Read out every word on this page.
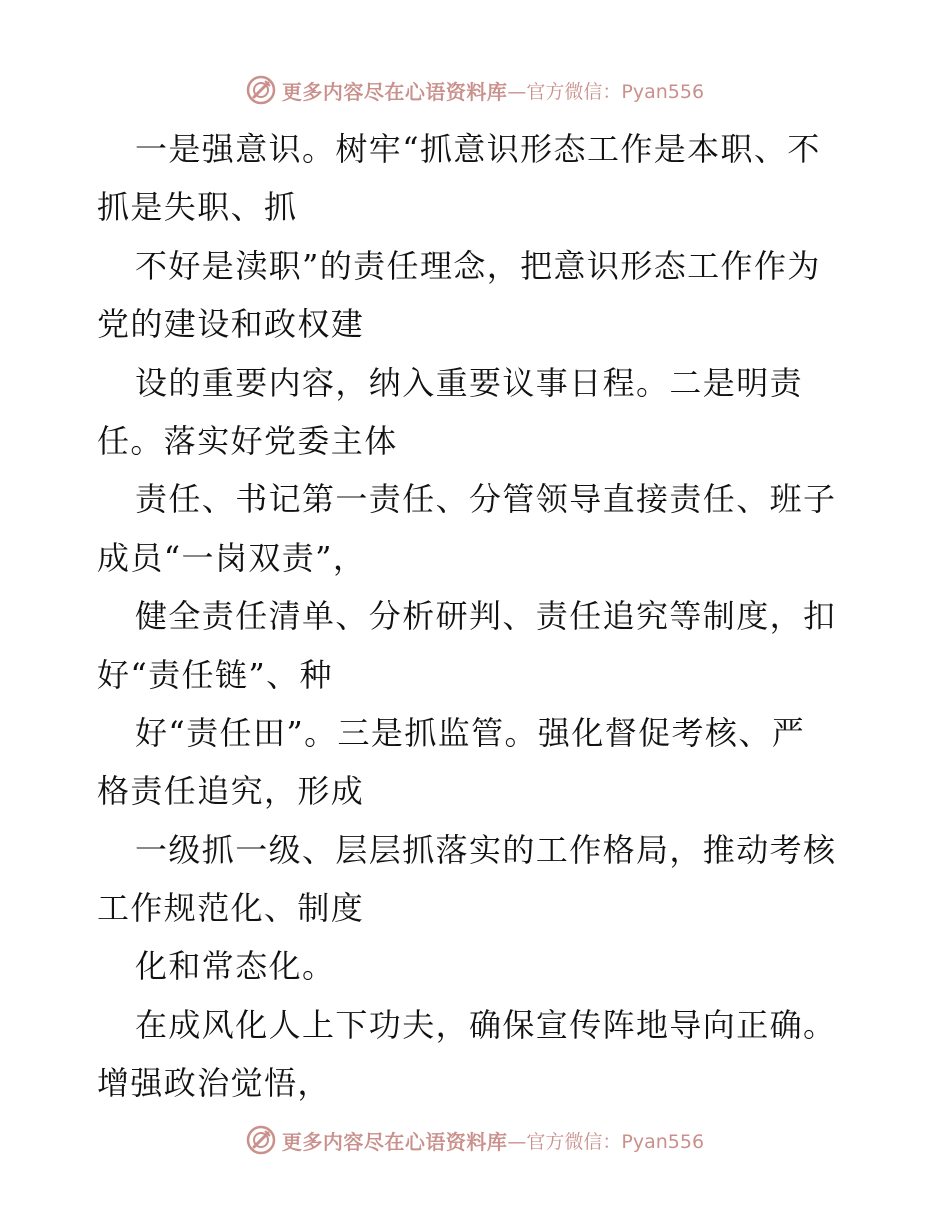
更多内容尽在心语资料库 —官方微信：Pyan556
一是强意识。树牢“抓意识形态工作是本职、不
抓是失职、抓
不好是渎职”的责任理念，把意识形态工作作为
党的建设和政权建
设的重要内容，纳入重要议事日程。二是明责
任。落实好党委主体
责任、书记第一责任、分管领导直接责任、班子
成员“一岗双责”，
健全责任清单、分析研判、责任追究等制度，扣
好“责任链”、种
好“责任田”。三是抓监管。强化督促考核、严
格责任追究，形成
一级抓一级、层层抓落实的工作格局，推动考核
工作规范化、制度
化和常态化。
在成风化人上下功夫，确保宣传阵地导向正确。
增强政治觉悟，
更多内容尽在心语资料库 —官方微信：Pyan556
